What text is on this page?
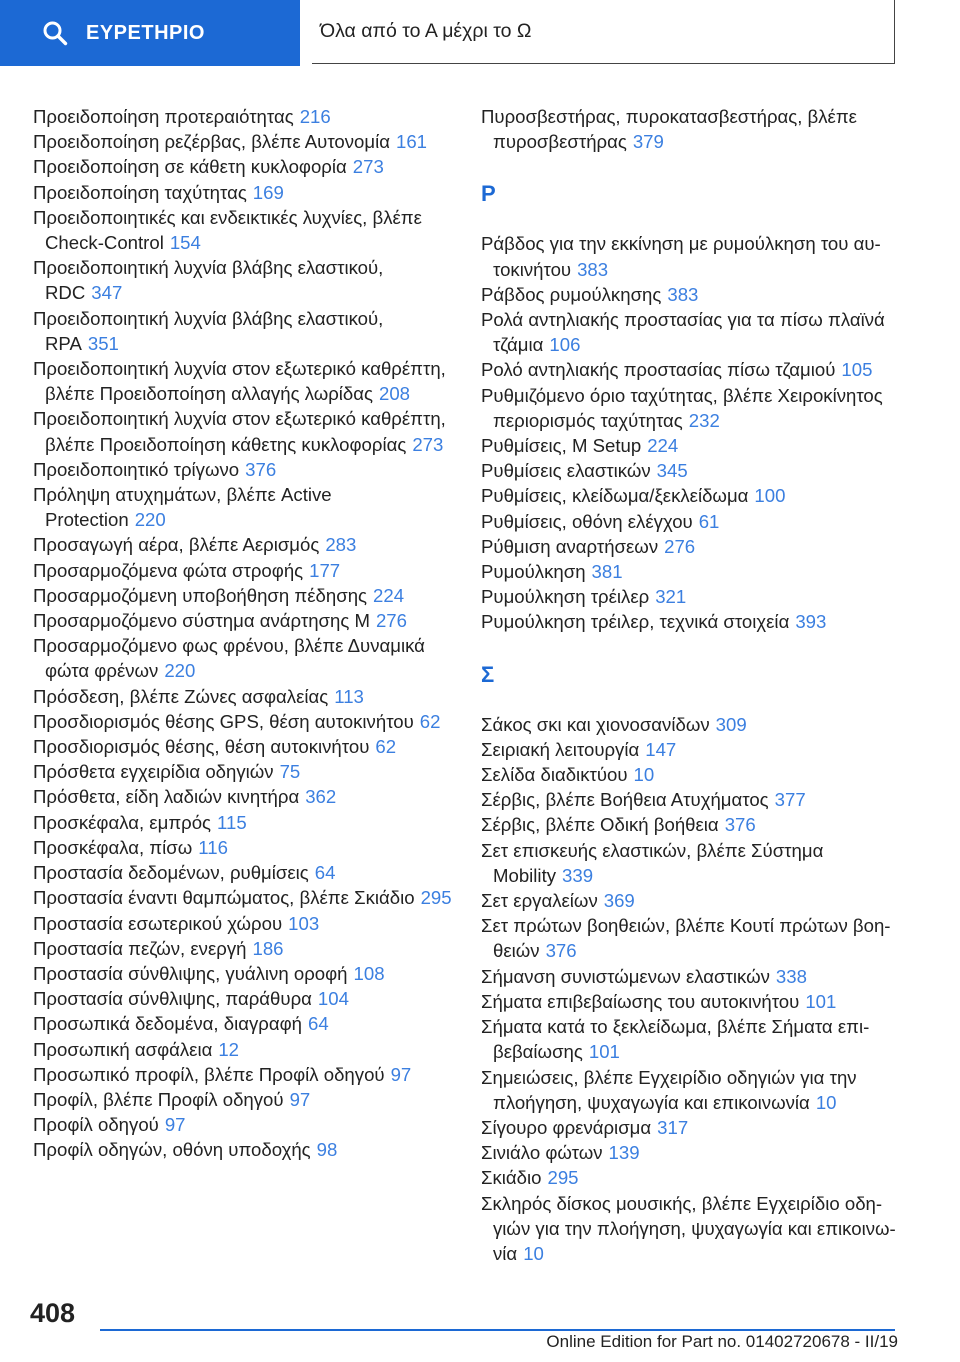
ΕΥΡΕΤΗΡΙΟ	Όλα από το Α μέχρι το Ω
Προειδοποίηση προτεραιότητας 216
Προειδοποίηση ρεζέρβας, βλέπε Αυτονομία 161
Προειδοποίηση σε κάθετη κυκλοφορία 273
Προειδοποίηση ταχύτητας 169
Προειδοποιητικές και ενδεικτικές λυχνίες, βλέπε Check-Control 154
Προειδοποιητική λυχνία βλάβης ελαστικού, RDC 347
Προειδοποιητική λυχνία βλάβης ελαστικού, RPA 351
Προειδοποιητική λυχνία στον εξωτερικό καθρέπτη, βλέπε Προειδοποίηση αλλαγής λωρίδας 208
Προειδοποιητική λυχνία στον εξωτερικό καθρέπτη, βλέπε Προειδοποίηση κάθετης κυκλοφορίας 273
Προειδοποιητικό τρίγωνο 376
Πρόληψη ατυχημάτων, βλέπε Active Protection 220
Προσαγωγή αέρα, βλέπε Αερισμός 283
Προσαρμοζόμενα φώτα στροφής 177
Προσαρμοζόμενη υποβοήθηση πέδησης 224
Προσαρμοζόμενο σύστημα ανάρτησης M 276
Προσαρμοζόμενο φως φρένου, βλέπε Δυναμικά φώτα φρένων 220
Πρόσδεση, βλέπε Ζώνες ασφαλείας 113
Προσδιορισμός θέσης GPS, θέση αυτοκινήτου 62
Προσδιορισμός θέσης, θέση αυτοκινήτου 62
Πρόσθετα εγχειρίδια οδηγιών 75
Πρόσθετα, είδη λαδιών κινητήρα 362
Προσκέφαλα, εμπρός 115
Προσκέφαλα, πίσω 116
Προστασία δεδομένων, ρυθμίσεις 64
Προστασία έναντι θαμπώματος, βλέπε Σκιάδιο 295
Προστασία εσωτερικού χώρου 103
Προστασία πεζών, ενεργή 186
Προστασία σύνθλιψης, γυάλινη οροφή 108
Προστασία σύνθλιψης, παράθυρα 104
Προσωπικά δεδομένα, διαγραφή 64
Προσωπική ασφάλεια 12
Προσωπικό προφίλ, βλέπε Προφίλ οδηγού 97
Προφίλ, βλέπε Προφίλ οδηγού 97
Προφίλ οδηγού 97
Προφίλ οδηγών, οθόνη υποδοχής 98
Πυροσβεστήρας, πυροκατασβεστήρας, βλέπε πυροσβεστήρας 379
Ρ
Ράβδος για την εκκίνηση με ρυμούλκηση του αυτοκινήτου 383
Ράβδος ρυμούλκησης 383
Ρολά αντηλιακής προστασίας για τα πίσω πλαϊνά τζάμια 106
Ρολό αντηλιακής προστασίας πίσω τζαμιού 105
Ρυθμιζόμενο όριο ταχύτητας, βλέπε Χειροκίνητος περιορισμός ταχύτητας 232
Ρυθμίσεις, M Setup 224
Ρυθμίσεις ελαστικών 345
Ρυθμίσεις, κλείδωμα/ξεκλείδωμα 100
Ρυθμίσεις, οθόνη ελέγχου 61
Ρύθμιση αναρτήσεων 276
Ρυμούλκηση 381
Ρυμούλκηση τρέιλερ 321
Ρυμούλκηση τρέιλερ, τεχνικά στοιχεία 393
Σ
Σάκος σκι και χιονοσανίδων 309
Σειριακή λειτουργία 147
Σελίδα διαδικτύου 10
Σέρβις, βλέπε Βοήθεια Ατυχήματος 377
Σέρβις, βλέπε Οδική βοήθεια 376
Σετ επισκευής ελαστικών, βλέπε Σύστημα Mobility 339
Σετ εργαλείων 369
Σετ πρώτων βοηθειών, βλέπε Κουτί πρώτων βοηθειών 376
Σήμανση συνιστώμενων ελαστικών 338
Σήματα επιβεβαίωσης του αυτοκινήτου 101
Σήματα κατά το ξεκλείδωμα, βλέπε Σήματα επιβεβαίωσης 101
Σημειώσεις, βλέπε Εγχειρίδιο οδηγιών για την πλοήγηση, ψυχαγωγία και επικοινωνία 10
Σίγουρο φρενάρισμα 317
Σινιάλο φώτων 139
Σκιάδιο 295
Σκληρός δίσκος μουσικής, βλέπε Εγχειρίδιο οδηγιών για την πλοήγηση, ψυχαγωγία και επικοινωνία 10
408
Online Edition for Part no. 01402720678 - II/19
